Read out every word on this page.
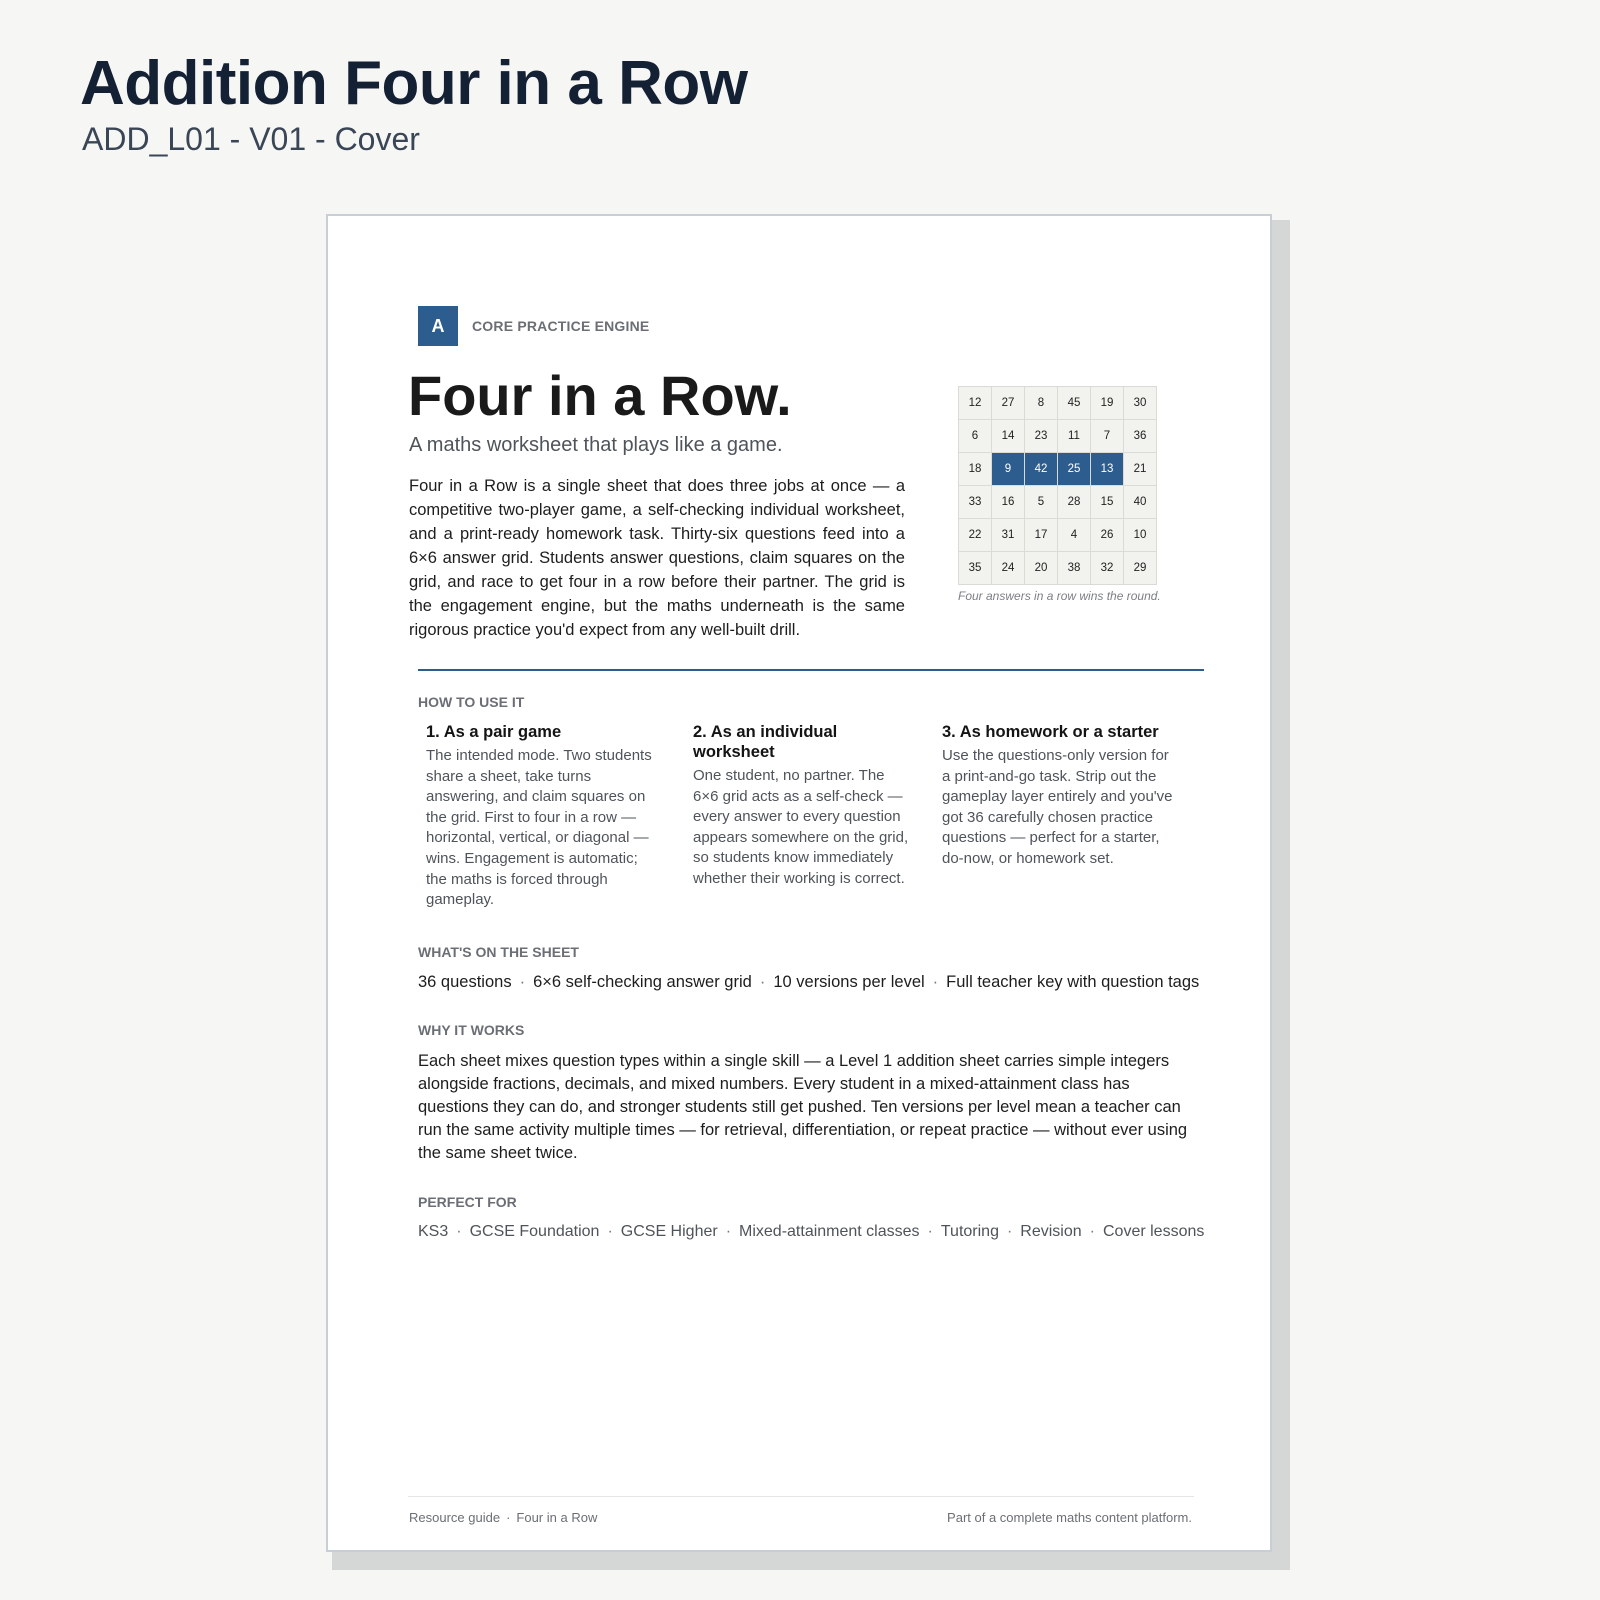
Addition Four in a Row
ADD_L01 - V01 - Cover
A	CORE PRACTICE ENGINE
Four in a Row.
A maths worksheet that plays like a game.

Four in a Row is a single sheet that does three jobs at once — a competitive two-player game, a self-checking individual worksheet, and a print-ready homework task. Thirty-six questions feed into a 6×6 answer grid. Students answer questions, claim squares on the grid, and race to get four in a row before their partner. The grid is the engagement engine, but the maths underneath is the same rigorous practice you'd expect from any well-built drill.

12	27	8	45	19	30
6	14	23	11	7	36
18	9	42	25	13	21
33	16	5	28	15	40
22	31	17	4	26	10
35	24	20	38	32	29
Four answers in a row wins the round.
HOW TO USE IT
1. As a pair game

The intended mode. Two students share a sheet, take turns answering, and claim squares on the grid. First to four in a row — horizontal, vertical, or diagonal — wins. Engagement is automatic; the maths is forced through gameplay.

2. As an individual worksheet

One student, no partner. The 6×6 grid acts as a self-check — every answer to every question appears somewhere on the grid, so students know immediately whether their working is correct.

3. As homework or a starter

Use the questions-only version for a print-and-go task. Strip out the gameplay layer entirely and you've got 36 carefully chosen practice questions — perfect for a starter, do-now, or homework set.

WHAT'S ON THE SHEET
36 questions · 6×6 self-checking answer grid · 10 versions per level · Full teacher key with question tags
WHY IT WORKS

Each sheet mixes question types within a single skill — a Level 1 addition sheet carries simple integers alongside fractions, decimals, and mixed numbers. Every student in a mixed-attainment class has questions they can do, and stronger students still get pushed. Ten versions per level mean a teacher can run the same activity multiple times — for retrieval, differentiation, or repeat practice — without ever using the same sheet twice.

PERFECT FOR
KS3 · GCSE Foundation · GCSE Higher · Mixed-attainment classes · Tutoring · Revision · Cover lessons
Resource guide · Four in a Row	Part of a complete maths content platform.
